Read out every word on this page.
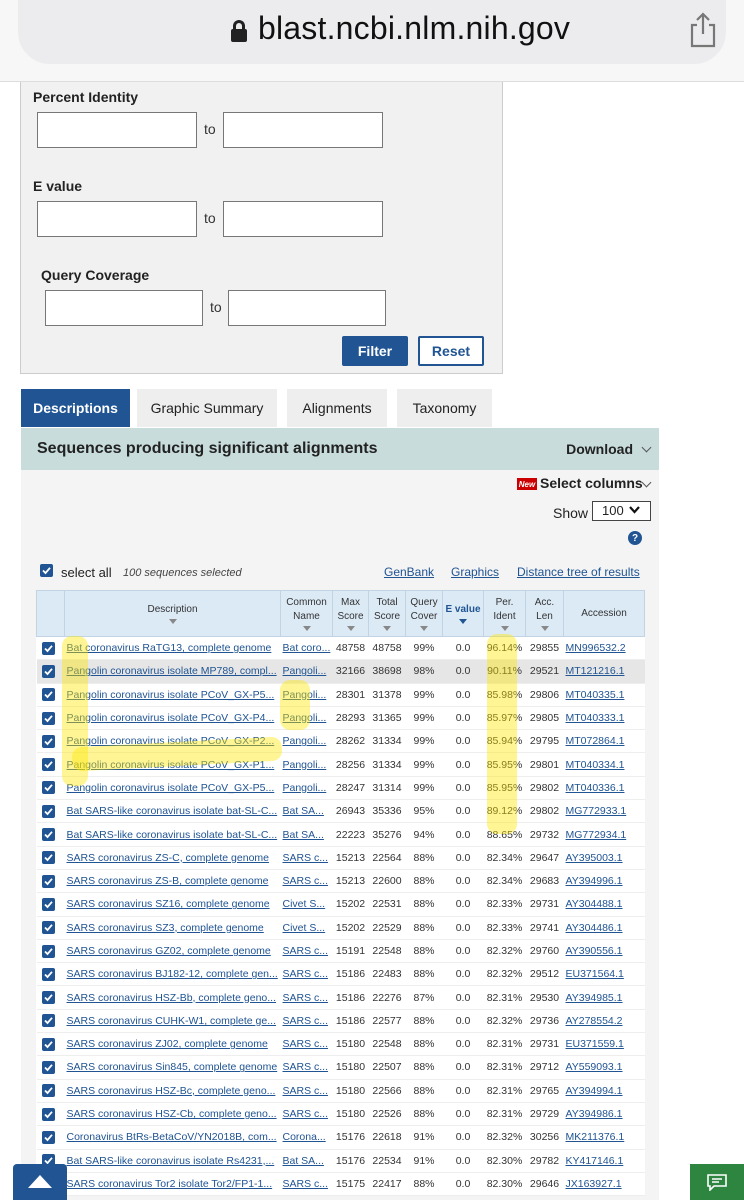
blast.ncbi.nlm.nih.gov
Percent Identity
to
E value
to
Query Coverage
to
Filter	Reset
Descriptions	Graphic Summary	Alignments	Taxonomy
Sequences producing significant alignments	Download
New Select columns
Show	100
?
select all 100 sequences selected	GenBank Graphics Distance tree of results
	Description	Common Name	Max Score	Total Score	Query Cover	E value	Per. Ident	Acc. Len	Accession
	Bat coronavirus RaTG13, complete genome	Bat coro...	48758	48758	99%	0.0	96.14%	29855	MN996532.2
	Pangolin coronavirus isolate MP789, compl...	Pangoli...	32166	38698	98%	0.0	90.11%	29521	MT121216.1
	Pangolin coronavirus isolate PCoV_GX-P5...	Pangoli...	28301	31378	99%	0.0	85.98%	29806	MT040335.1
	Pangolin coronavirus isolate PCoV_GX-P4...	Pangoli...	28293	31365	99%	0.0	85.97%	29805	MT040333.1
	Pangolin coronavirus isolate PCoV_GX-P2...	Pangoli...	28262	31334	99%	0.0	85.94%	29795	MT072864.1
	Pangolin coronavirus isolate PCoV_GX-P1...	Pangoli...	28256	31334	99%	0.0	85.95%	29801	MT040334.1
	Pangolin coronavirus isolate PCoV_GX-P5...	Pangoli...	28247	31314	99%	0.0	85.95%	29802	MT040336.1
	Bat SARS-like coronavirus isolate bat-SL-C...	Bat SA...	26943	35336	95%	0.0	89.12%	29802	MG772933.1
	Bat SARS-like coronavirus isolate bat-SL-C...	Bat SA...	22223	35276	94%	0.0	88.65%	29732	MG772934.1
	SARS coronavirus ZS-C, complete genome	SARS c...	15213	22564	88%	0.0	82.34%	29647	AY395003.1
	SARS coronavirus ZS-B, complete genome	SARS c...	15213	22600	88%	0.0	82.34%	29683	AY394996.1
	SARS coronavirus SZ16, complete genome	Civet S...	15202	22531	88%	0.0	82.33%	29731	AY304488.1
	SARS coronavirus SZ3, complete genome	Civet S...	15202	22529	88%	0.0	82.33%	29741	AY304486.1
	SARS coronavirus GZ02, complete genome	SARS c...	15191	22548	88%	0.0	82.32%	29760	AY390556.1
	SARS coronavirus BJ182-12, complete gen...	SARS c...	15186	22483	88%	0.0	82.32%	29512	EU371564.1
	SARS coronavirus HSZ-Bb, complete geno...	SARS c...	15186	22276	87%	0.0	82.31%	29530	AY394985.1
	SARS coronavirus CUHK-W1, complete ge...	SARS c...	15186	22577	88%	0.0	82.32%	29736	AY278554.2
	SARS coronavirus ZJ02, complete genome	SARS c...	15180	22548	88%	0.0	82.31%	29731	EU371559.1
	SARS coronavirus Sin845, complete genome	SARS c...	15180	22507	88%	0.0	82.31%	29712	AY559093.1
	SARS coronavirus HSZ-Bc, complete geno...	SARS c...	15180	22566	88%	0.0	82.31%	29765	AY394994.1
	SARS coronavirus HSZ-Cb, complete geno...	SARS c...	15180	22526	88%	0.0	82.31%	29729	AY394986.1
	Coronavirus BtRs-BetaCoV/YN2018B, com...	Corona...	15176	22618	91%	0.0	82.32%	30256	MK211376.1
	Bat SARS-like coronavirus isolate Rs4231,...	Bat SA...	15176	22534	91%	0.0	82.30%	29782	KY417146.1
	SARS coronavirus Tor2 isolate Tor2/FP1-1...	SARS c...	15175	22417	88%	0.0	82.30%	29646	JX163927.1
